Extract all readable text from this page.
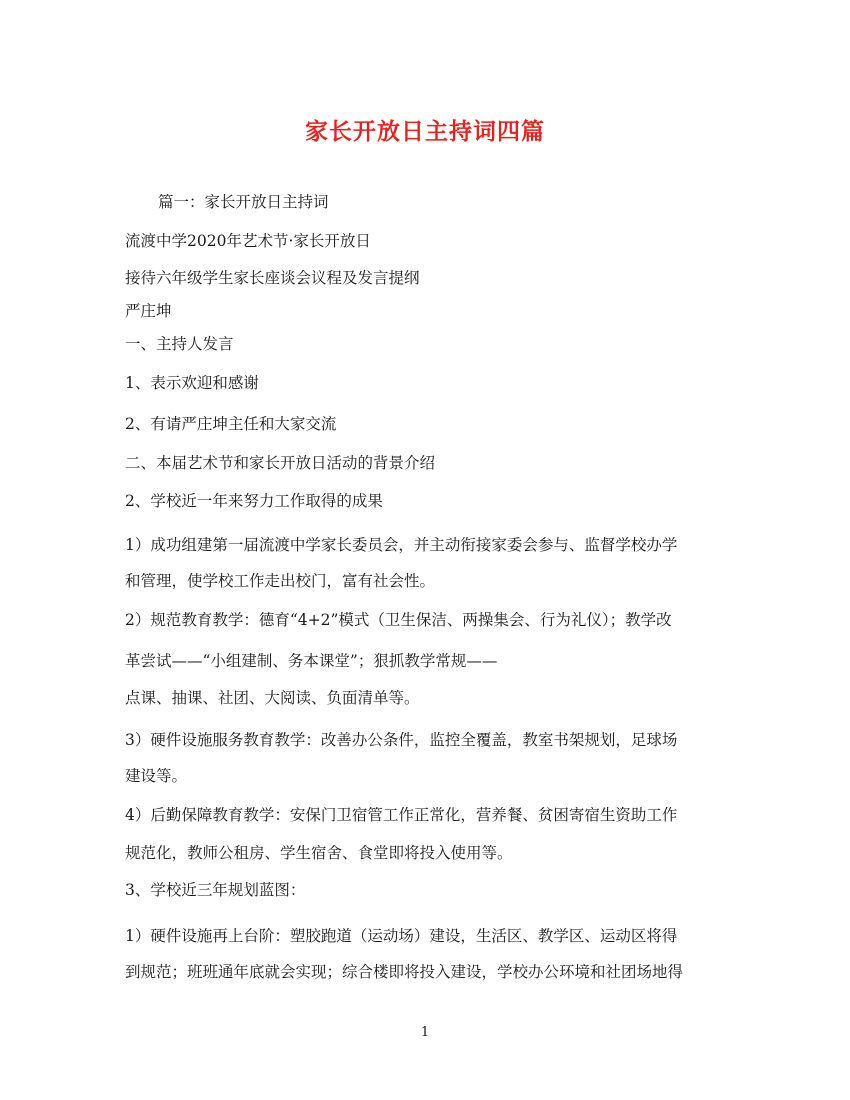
家长开放日主持词四篇
篇一：家长开放日主持词
流渡中学2020年艺术节·家长开放日
接待六年级学生家长座谈会议程及发言提纲
严庄坤
一、主持人发言
1、表示欢迎和感谢
2、有请严庄坤主任和大家交流
二、本届艺术节和家长开放日活动的背景介绍
2、学校近一年来努力工作取得的成果
1）成功组建第一届流渡中学家长委员会，并主动衔接家委会参与、监督学校办学
和管理，使学校工作走出校门，富有社会性。
2）规范教育教学：德育“4+2”模式（卫生保洁、两操集会、行为礼仪）；教学改
革尝试——“小组建制、务本课堂”；狠抓教学常规——
点课、抽课、社团、大阅读、负面清单等。
3）硬件设施服务教育教学：改善办公条件，监控全覆盖，教室书架规划，足球场
建设等。
4）后勤保障教育教学：安保门卫宿管工作正常化，营养餐、贫困寄宿生资助工作
规范化，教师公租房、学生宿舍、食堂即将投入使用等。
3、学校近三年规划蓝图：
1）硬件设施再上台阶：塑胶跑道（运动场）建设，生活区、教学区、运动区将得
到规范；班班通年底就会实现；综合楼即将投入建设，学校办公环境和社团场地得
1
